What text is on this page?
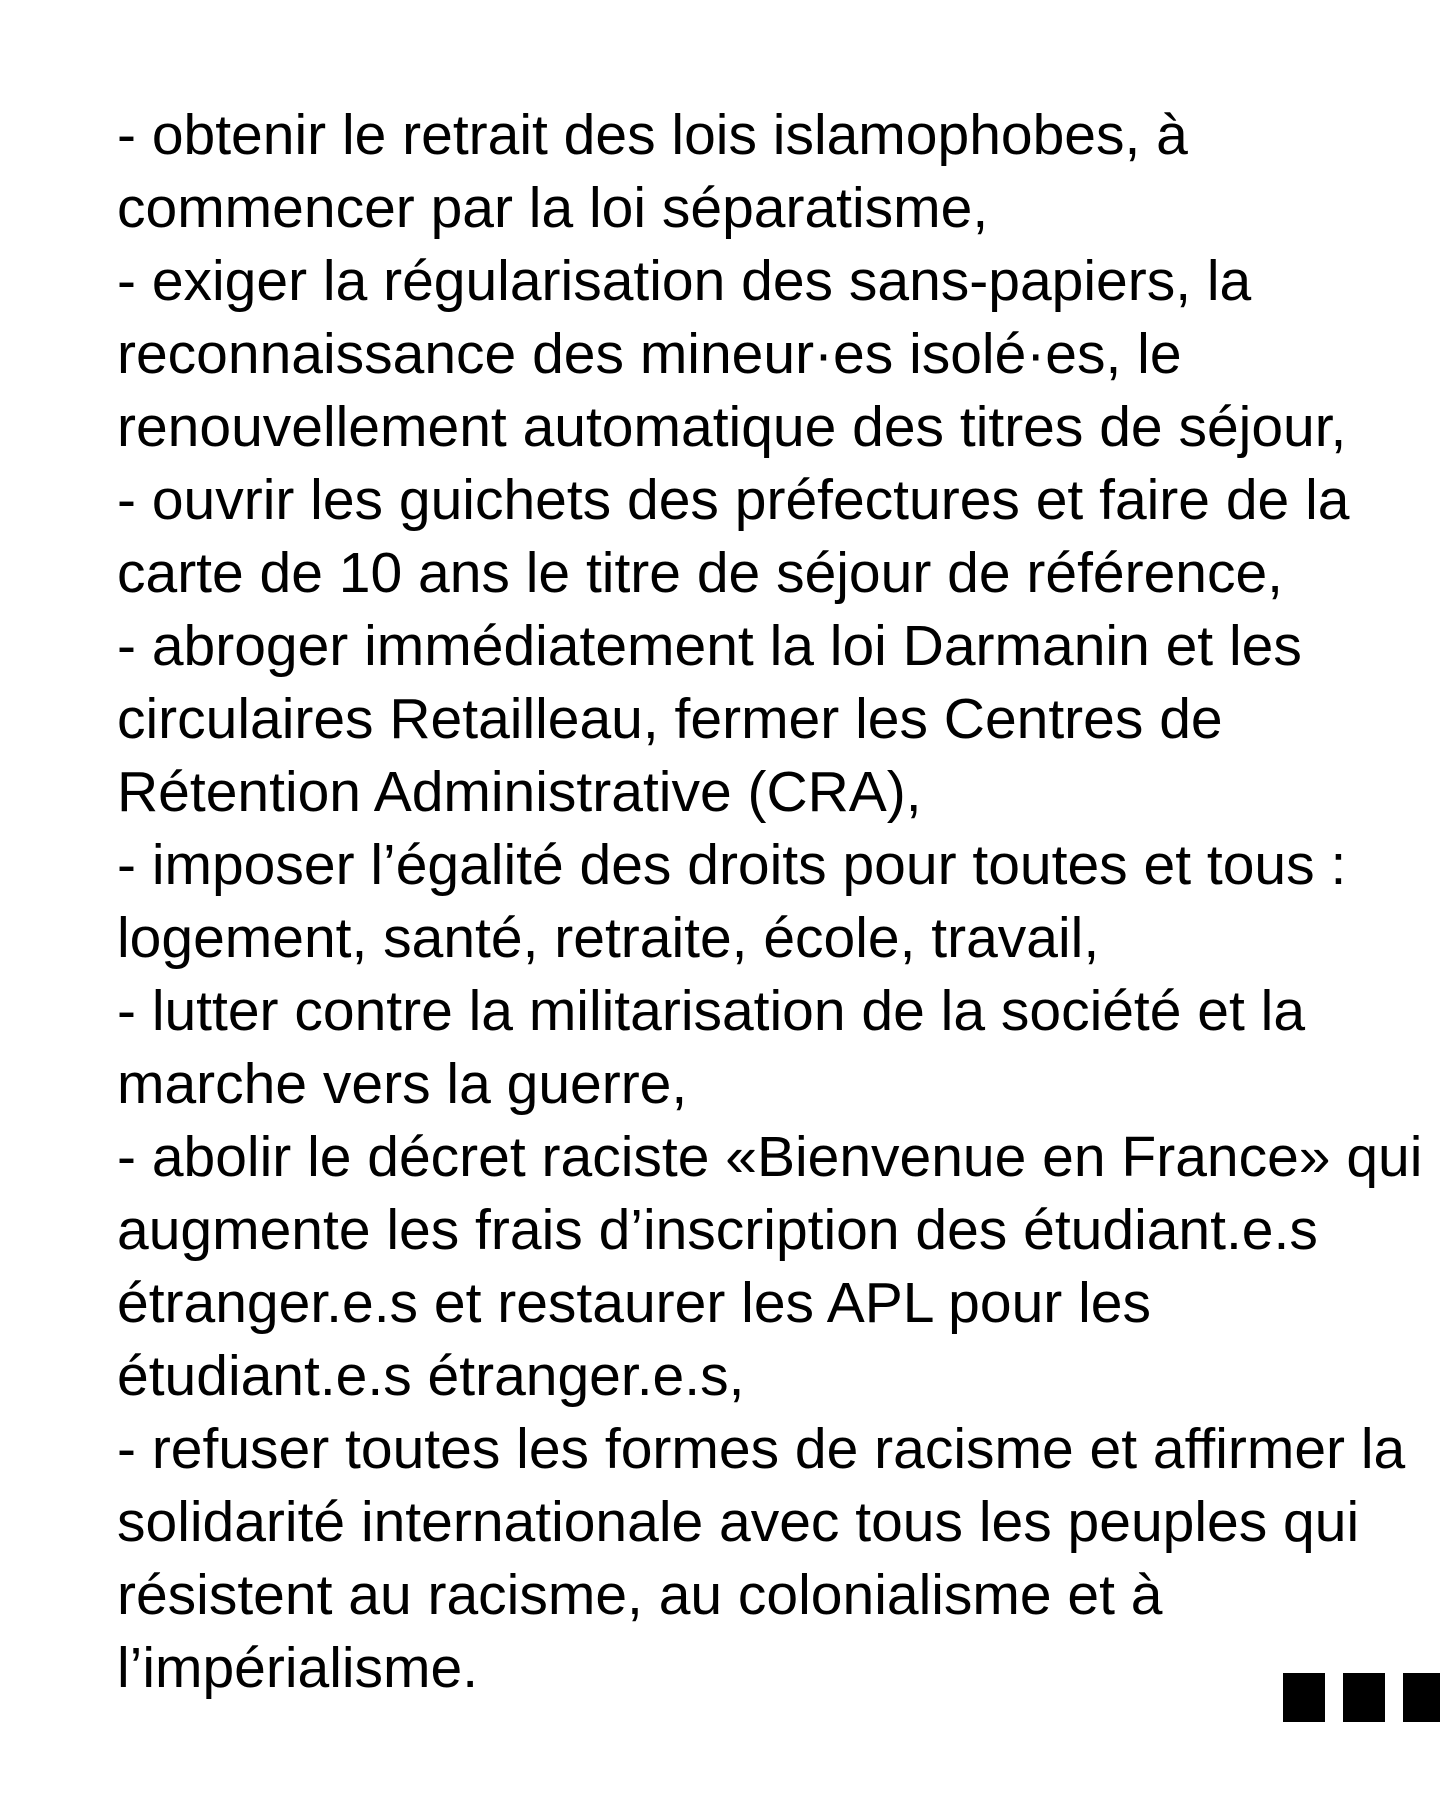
- obtenir le retrait des lois islamophobes, à
commencer par la loi séparatisme,
- exiger la régularisation des sans-papiers, la
reconnaissance des mineur·es isolé·es, le
renouvellement automatique des titres de séjour,
- ouvrir les guichets des préfectures et faire de la
carte de 10 ans le titre de séjour de référence,
- abroger immédiatement la loi Darmanin et les
circulaires Retailleau, fermer les Centres de
Rétention Administrative (CRA),
- imposer l’égalité des droits pour toutes et tous :
logement, santé, retraite, école, travail,
- lutter contre la militarisation de la société et la
marche vers la guerre,
- abolir le décret raciste «Bienvenue en France» qui
augmente les frais d’inscription des étudiant.e.s
étranger.e.s et restaurer les APL pour les
étudiant.e.s étranger.e.s,
- refuser toutes les formes de racisme et affirmer la
solidarité internationale avec tous les peuples qui
résistent au racisme, au colonialisme et à
l’impérialisme.
